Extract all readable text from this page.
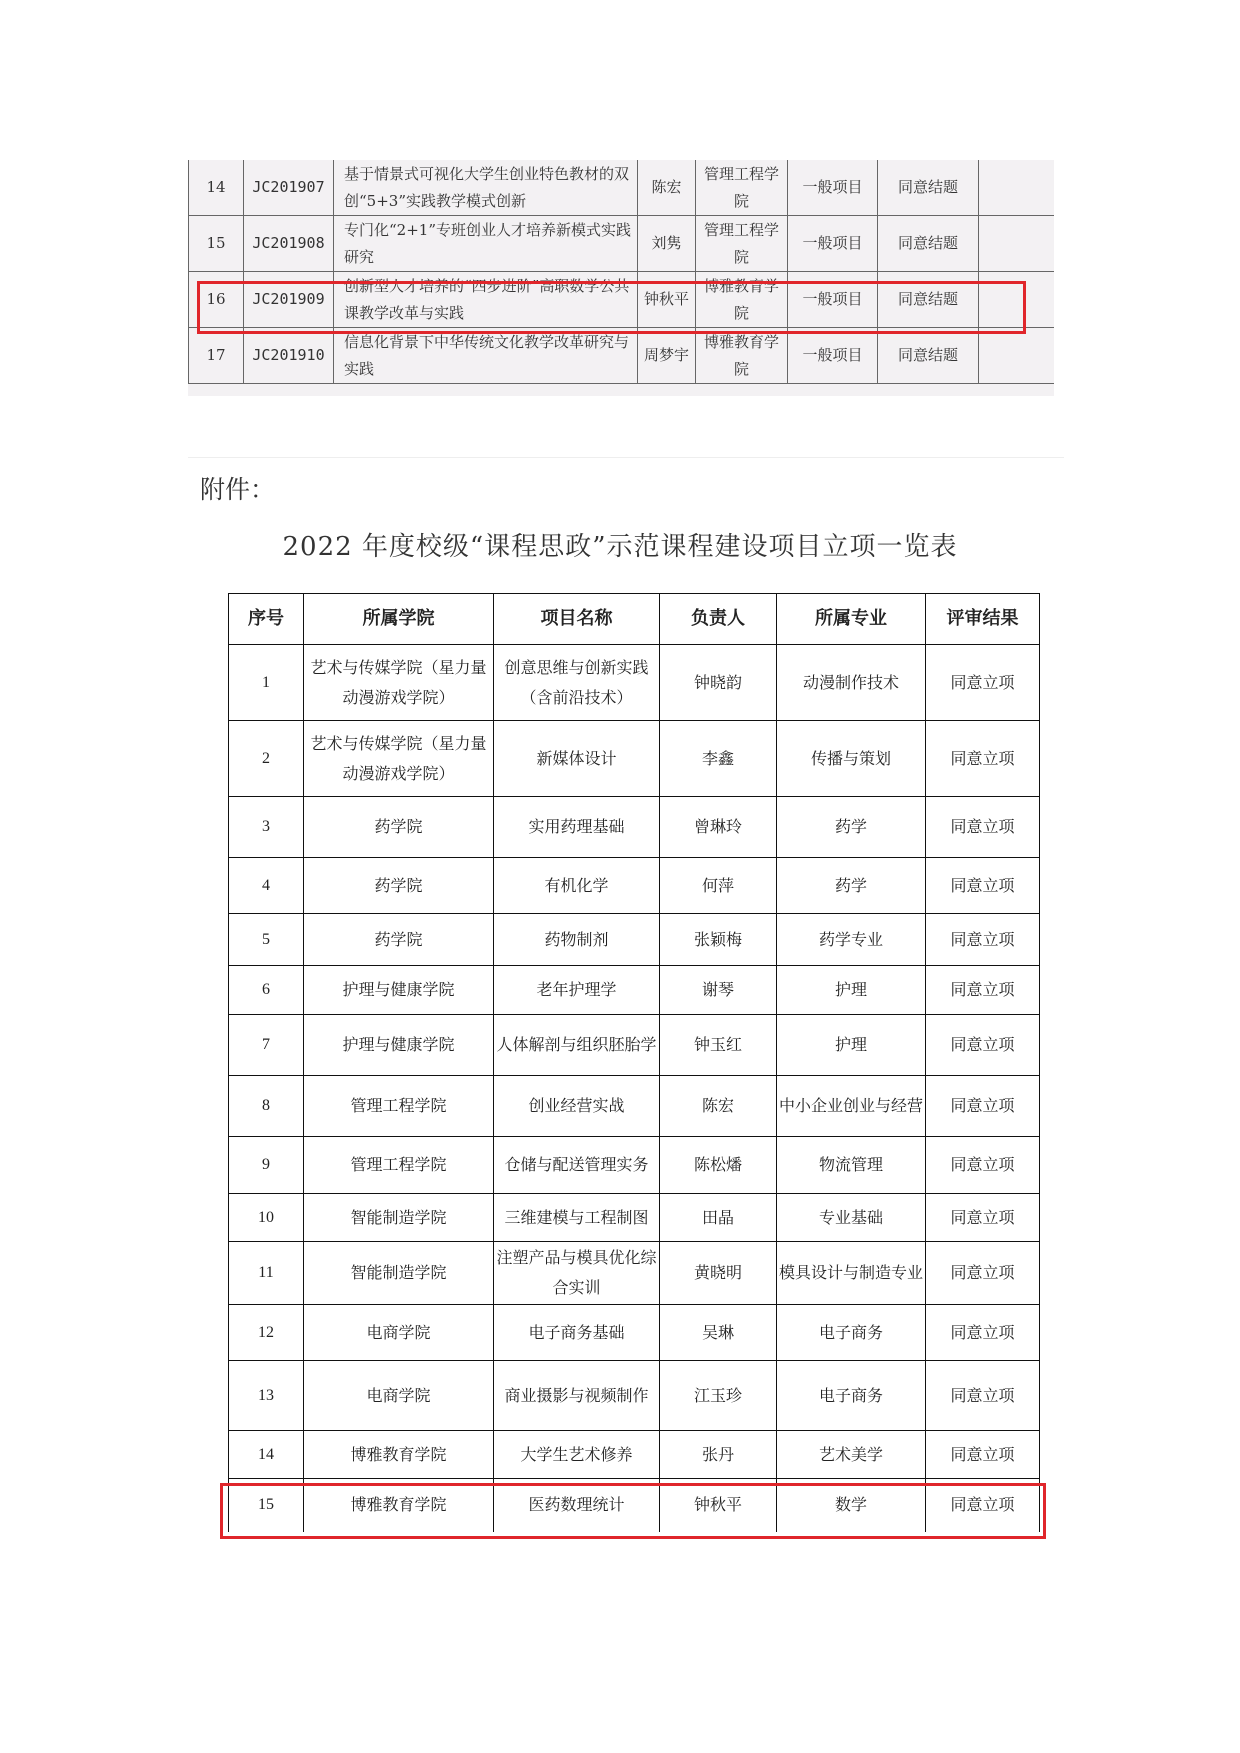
14	JC201907	基于情景式可视化大学生创业特色教材的双创“5+3”实践教学模式创新	陈宏	管理工程学院	一般项目	同意结题	
15	JC201908	专门化“2+1”专班创业人才培养新模式实践研究	刘隽	管理工程学院	一般项目	同意结题	
16	JC201909	创新型人才培养的“四步进阶”高职数学公共课教学改革与实践	钟秋平	博雅教育学院	一般项目	同意结题	
17	JC201910	信息化背景下中华传统文化教学改革研究与实践	周梦宇	博雅教育学院	一般项目	同意结题	
附件：
2022 年度校级“课程思政”示范课程建设项目立项一览表
序号	所属学院	项目名称	负责人	所属专业	评审结果
1	艺术与传媒学院（星力量动漫游戏学院）	创意思维与创新实践（含前沿技术）	钟晓韵	动漫制作技术	同意立项
2	艺术与传媒学院（星力量动漫游戏学院）	新媒体设计	李鑫	传播与策划	同意立项
3	药学院	实用药理基础	曾琳玲	药学	同意立项
4	药学院	有机化学	何萍	药学	同意立项
5	药学院	药物制剂	张颖梅	药学专业	同意立项
6	护理与健康学院	老年护理学	谢琴	护理	同意立项
7	护理与健康学院	人体解剖与组织胚胎学	钟玉红	护理	同意立项
8	管理工程学院	创业经营实战	陈宏	中小企业创业与经营	同意立项
9	管理工程学院	仓储与配送管理实务	陈松燔	物流管理	同意立项
10	智能制造学院	三维建模与工程制图	田晶	专业基础	同意立项
11	智能制造学院	注塑产品与模具优化综合实训	黄晓明	模具设计与制造专业	同意立项
12	电商学院	电子商务基础	吴琳	电子商务	同意立项
13	电商学院	商业摄影与视频制作	江玉珍	电子商务	同意立项
14	博雅教育学院	大学生艺术修养	张丹	艺术美学	同意立项
15	博雅教育学院	医药数理统计	钟秋平	数学	同意立项
